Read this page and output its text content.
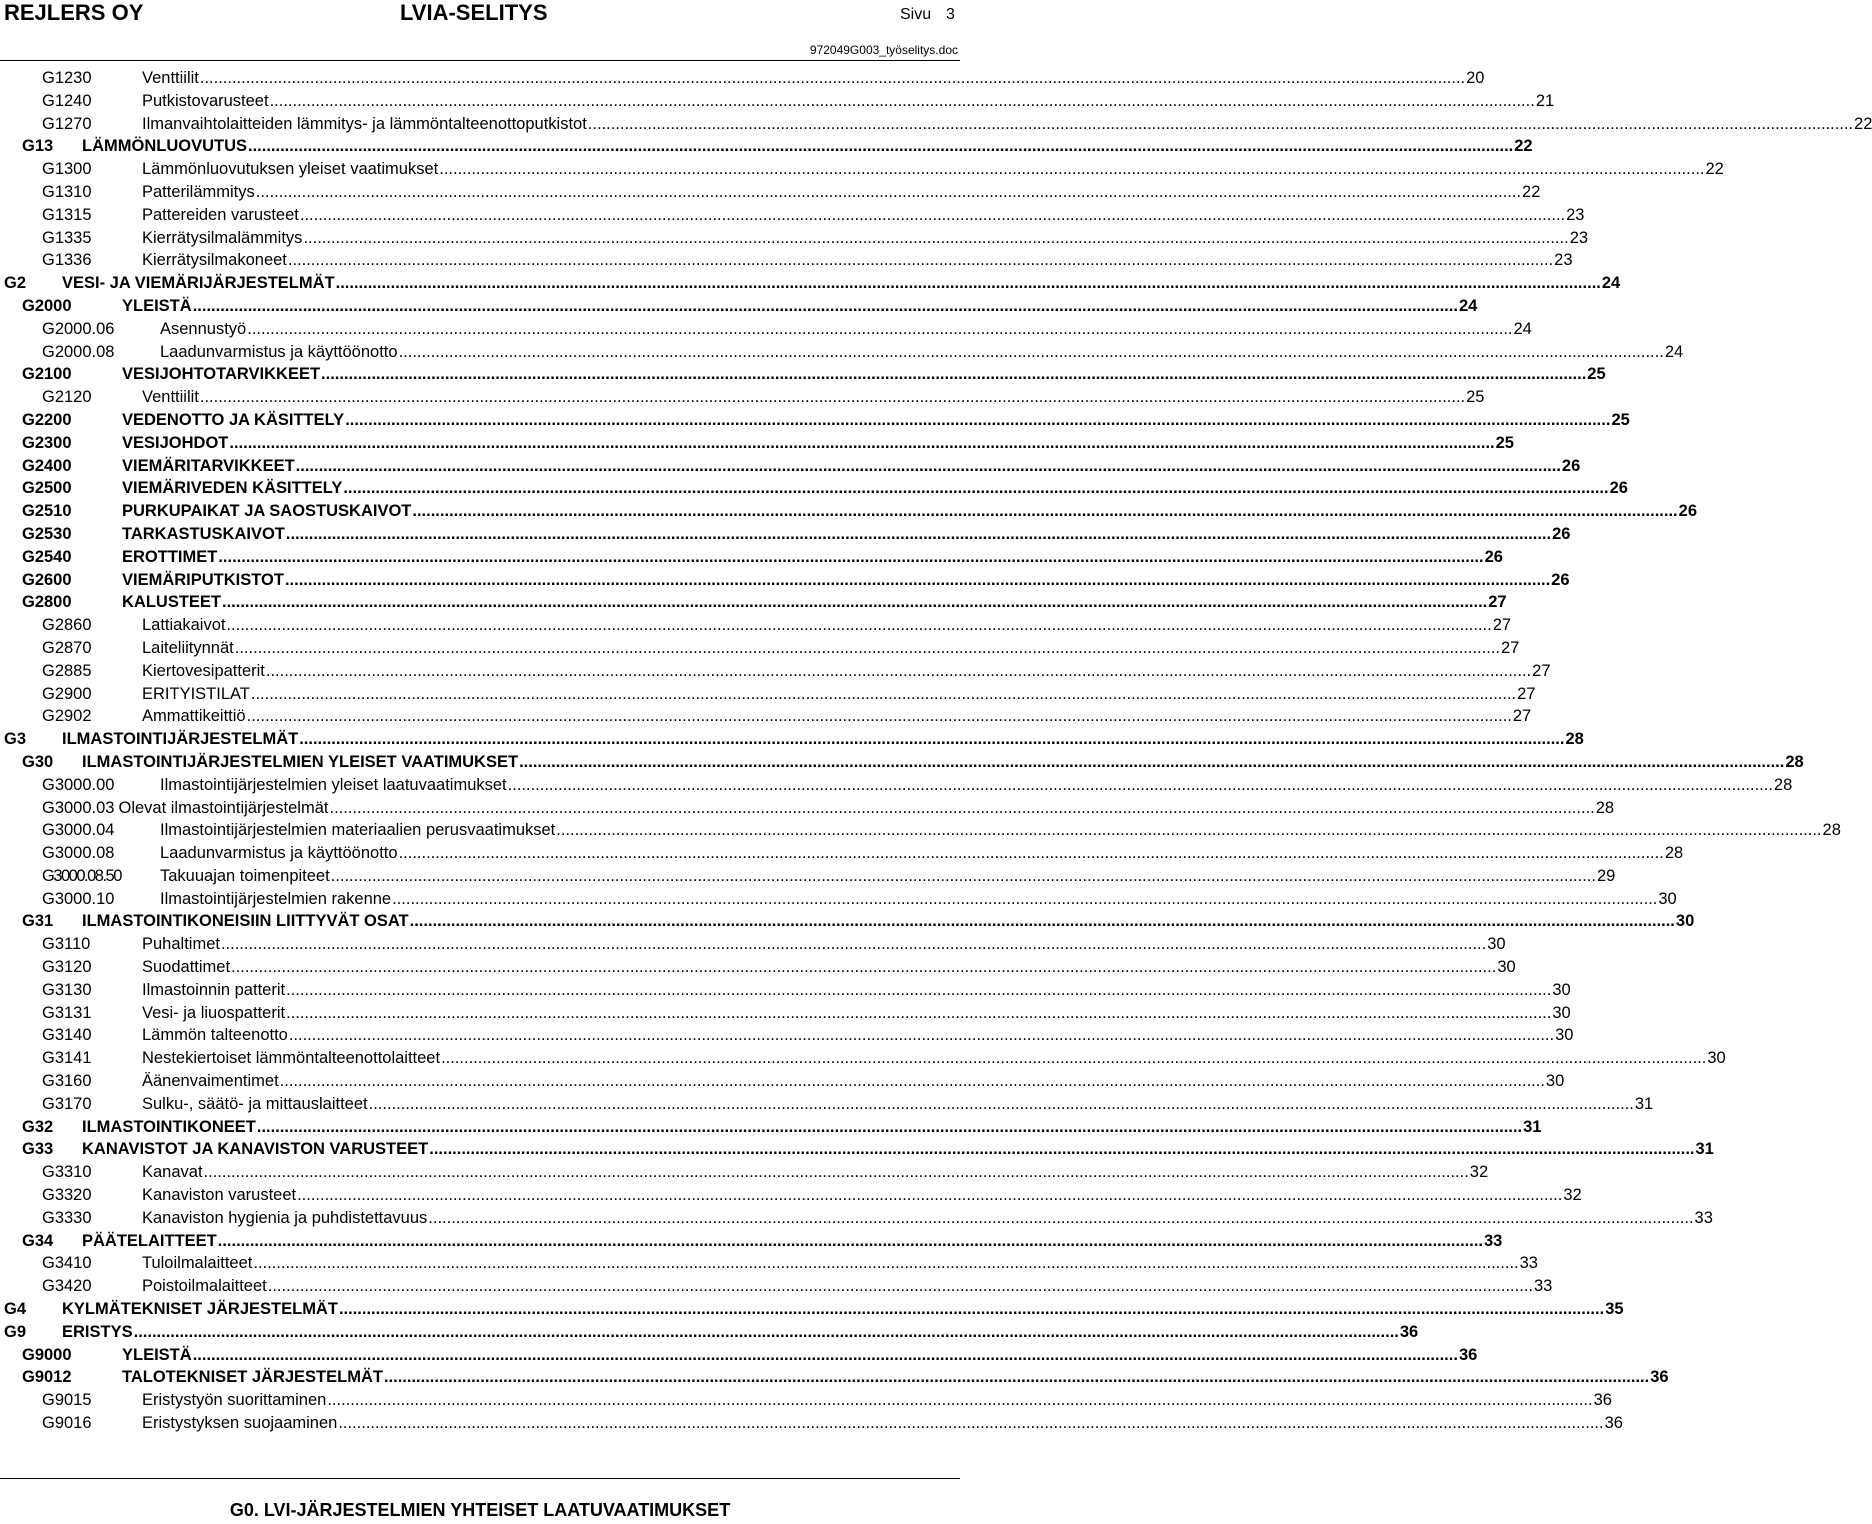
REJLERS OY	LVIA-SELITYS	Sivu 3
972049G003_työselitys.doc
G1230	Venttiilit .....	20
G1240	Putkistovarusteet .....	21
G1270	Ilmanvaihtolaitteiden lämmitys- ja lämmöntalteenottoputkistot .....	22
G13	LÄMMÖNLUOVUTUS .....	22
G1300	Lämmönluovutuksen yleiset vaatimukset .....	22
G1310	Patterilämmitys .....	22
G1315	Pattereiden varusteet .....	23
G1335	Kierrätysilmalämmitys .....	23
G1336	Kierrätysilmakoneet .....	23
G2	VESI- JA VIEMÄRIJÄRJESTELMÄT .....	24
G2000	YLEISTÄ .....	24
G2000.06	Asennustyö .....	24
G2000.08	Laadunvarmistus ja käyttöönotto .....	24
G2100	VESIJOHTOTARVIKKEET .....	25
G2120	Venttiilit .....	25
G2200	VEDENOTTO JA KÄSITTELY .....	25
G2300	VESIJOHDOT .....	25
G2400	VIEMÄRITARVIKKEET .....	26
G2500	VIEMÄRIVEDEN KÄSITTELY .....	26
G2510	PURKUPAIKAT JA SAOSTUSKAIVOT .....	26
G2530	TARKASTUSKAIVOT .....	26
G2540	EROTTIMET .....	26
G2600	VIEMÄRIPUTKISTOT .....	26
G2800	KALUSTEET .....	27
G2860	Lattiakaivot .....	27
G2870	Laiteliitynnät .....	27
G2885	Kiertovesipatterit .....	27
G2900	ERITYISTILAT .....	27
G2902	Ammattikeittiö .....	27
G3	ILMASTOINTIJÄRJESTELMÄT .....	28
G30	ILMASTOINTIJÄRJESTELMIEN YLEISET VAATIMUKSET .....	28
G3000.00	Ilmastointijärjestelmien yleiset laatuvaatimukset .....	28
G3000.03 Olevat ilmastointijärjestelmät .....	28
G3000.04	Ilmastointijärjestelmien materiaalien perusvaatimukset .....	28
G3000.08	Laadunvarmistus ja käyttöönotto .....	28
G3000.08.50	Takuuajan toimenpiteet .....	29
G3000.10	Ilmastointijärjestelmien rakenne .....	30
G31	ILMASTOINTIKONEISIIN LIITTYVÄT OSAT .....	30
G3110	Puhaltimet .....	30
G3120	Suodattimet .....	30
G3130	Ilmastoinnin patterit .....	30
G3131	Vesi- ja liuospatterit .....	30
G3140	Lämmön talteenotto .....	30
G3141	Nestekiertoiset lämmöntalteenottolaitteet .....	30
G3160	Äänenvaimentimet .....	30
G3170	Sulku-, säätö- ja mittauslaitteet .....	31
G32	ILMASTOINTIKONEET .....	31
G33	KANAVISTOT JA KANAVISTON VARUSTEET .....	31
G3310	Kanavat .....	32
G3320	Kanaviston varusteet .....	32
G3330	Kanaviston hygienia ja puhdistettavuus .....	33
G34	PÄÄTELAITTEET .....	33
G3410	Tuloilmalaitteet .....	33
G3420	Poistoilmalaitteet .....	33
G4	KYLMÄTEKNISET JÄRJESTELMÄT .....	35
G9	ERISTYS .....	36
G9000	YLEISTÄ .....	36
G9012	TALOTEKNISET JÄRJESTELMÄT .....	36
G9015	Eristystyön suorittaminen .....	36
G9016	Eristystyksen suojaaminen .....	36
G0. LVI-JÄRJESTELMIEN YHTEISET LAATUVAATIMUKSET
